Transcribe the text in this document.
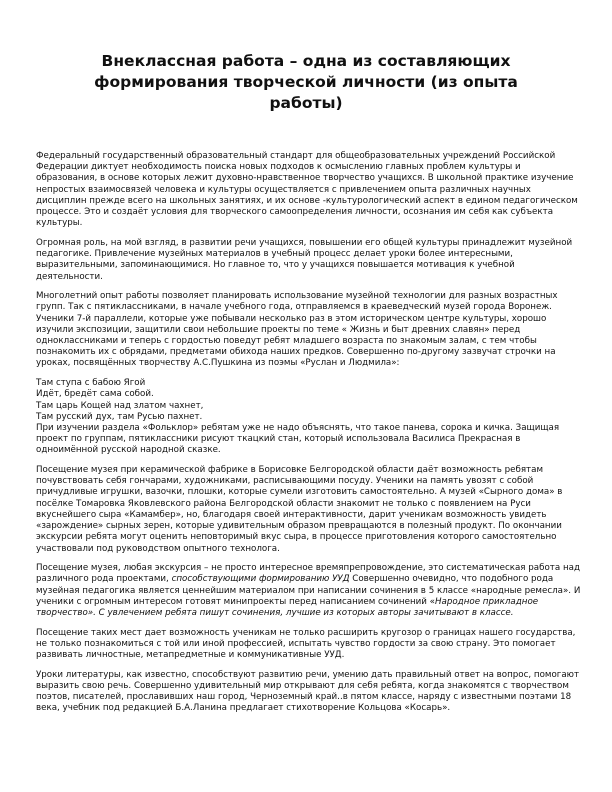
Внеклассная работа – одна из составляющих
формирования творческой личности (из опыта
работы)

Федеральный государственный образовательный стандарт для общеобразовательных учреждений Российской Федерации диктует необходимость поиска новых подходов к осмыслению главных проблем культуры и образования, в основе которых лежит духовно-нравственное творчество учащихся. В школьной практике изучение непростых взаимосвязей человека и культуры осуществляется с привлечением опыта различных научных дисциплин прежде всего на школьных занятиях, и их основе -культурологический аспект в едином педагогическом процессе. Это и создаёт условия для творческого самоопределения личности, осознания им себя как субъекта культуры.

Огромная роль, на мой взгляд, в развитии речи учащихся, повышении его общей культуры принадлежит музейной педагогике. Привлечение музейных материалов в учебный процесс делает уроки более интересными, выразительными, запоминающимися. Но главное то, что у учащихся повышается мотивация к учебной деятельности.

Многолетний опыт работы позволяет планировать использование музейной технологии для разных возрастных групп. Так с пятиклассниками, в начале учебного года, отправляемся в краеведческий музей города Воронеж. Ученики 7-й параллели, которые уже побывали несколько раз в этом историческом центре культуры, хорошо изучили экспозиции, защитили свои небольшие проекты по теме « Жизнь и быт древних славян» перед одноклассниками и теперь с гордостью поведут ребят младшего возраста по знакомым залам, с тем чтобы познакомить их с обрядами, предметами обихода наших предков. Совершенно по-другому зазвучат строчки на уроках, посвящённых творчеству А.С.Пушкина из поэмы «Руслан и Людмила»:

Там ступа с бабою Ягой
Идёт, бредёт сама собой.
Там царь Кощей над златом чахнет,
Там русский дух, там Русью пахнет.

При изучении раздела «Фольклор» ребятам уже не надо объяснять, что такое панева, сорока и кичка. Защищая проект по группам, пятиклассники рисуют ткацкий стан, который использовала Василиса Прекрасная в одноимённой русской народной сказке.

Посещение музея при керамической фабрике в Борисовке Белгородской области даёт возможность ребятам почувствовать себя гончарами, художниками, расписывающими посуду. Ученики на память увозят с собой причудливые игрушки, вазочки, плошки, которые сумели изготовить самостоятельно. А музей «Сырного дома» в посёлке Томаровка Яковлевского района Белгородской области знакомит не только с появлением на Руси вкуснейшего сыра «Камамбер», но, благодаря своей интерактивности, дарит ученикам возможность увидеть «зарождение» сырных зерен, которые удивительным образом превращаются в полезный продукт. По окончании экскурсии ребята могут оценить неповторимый вкус сыра, в процессе приготовления которого самостоятельно участвовали под руководством опытного технолога.

Посещение музея, любая экскурсия – не просто интересное времяпрепровождение, это систематическая работа над различного рода проектами, способствующими формированию УУД Совершенно очевидно, что подобного рода музейная педагогика является ценнейшим материалом при написании сочинения в 5 классе «народные ремесла». И ученики с огромным интересом готовят минипроекты перед написанием сочинений «Народное прикладное творчество». С увлечением ребята пишут сочинения, лучшие из которых авторы зачитывают в классе.

Посещение таких мест дает возможность ученикам не только расширить кругозор о границах нашего государства, не только познакомиться с той или иной профессией, испытать чувство гордости за свою страну. Это помогает развивать личностные, метапредметные и коммуникативные УУД.

Уроки литературы, как известно, способствуют развитию речи, умению дать правильный ответ на вопрос, помогают выразить свою речь. Совершенно удивительный мир открывают для себя ребята, когда знакомятся с творчеством поэтов, писателей, прославивших наш город, Черноземный край..в пятом классе, наряду с известными поэтами 18 века, учебник под редакцией Б.А.Ланина предлагает стихотворение Кольцова «Косарь».
